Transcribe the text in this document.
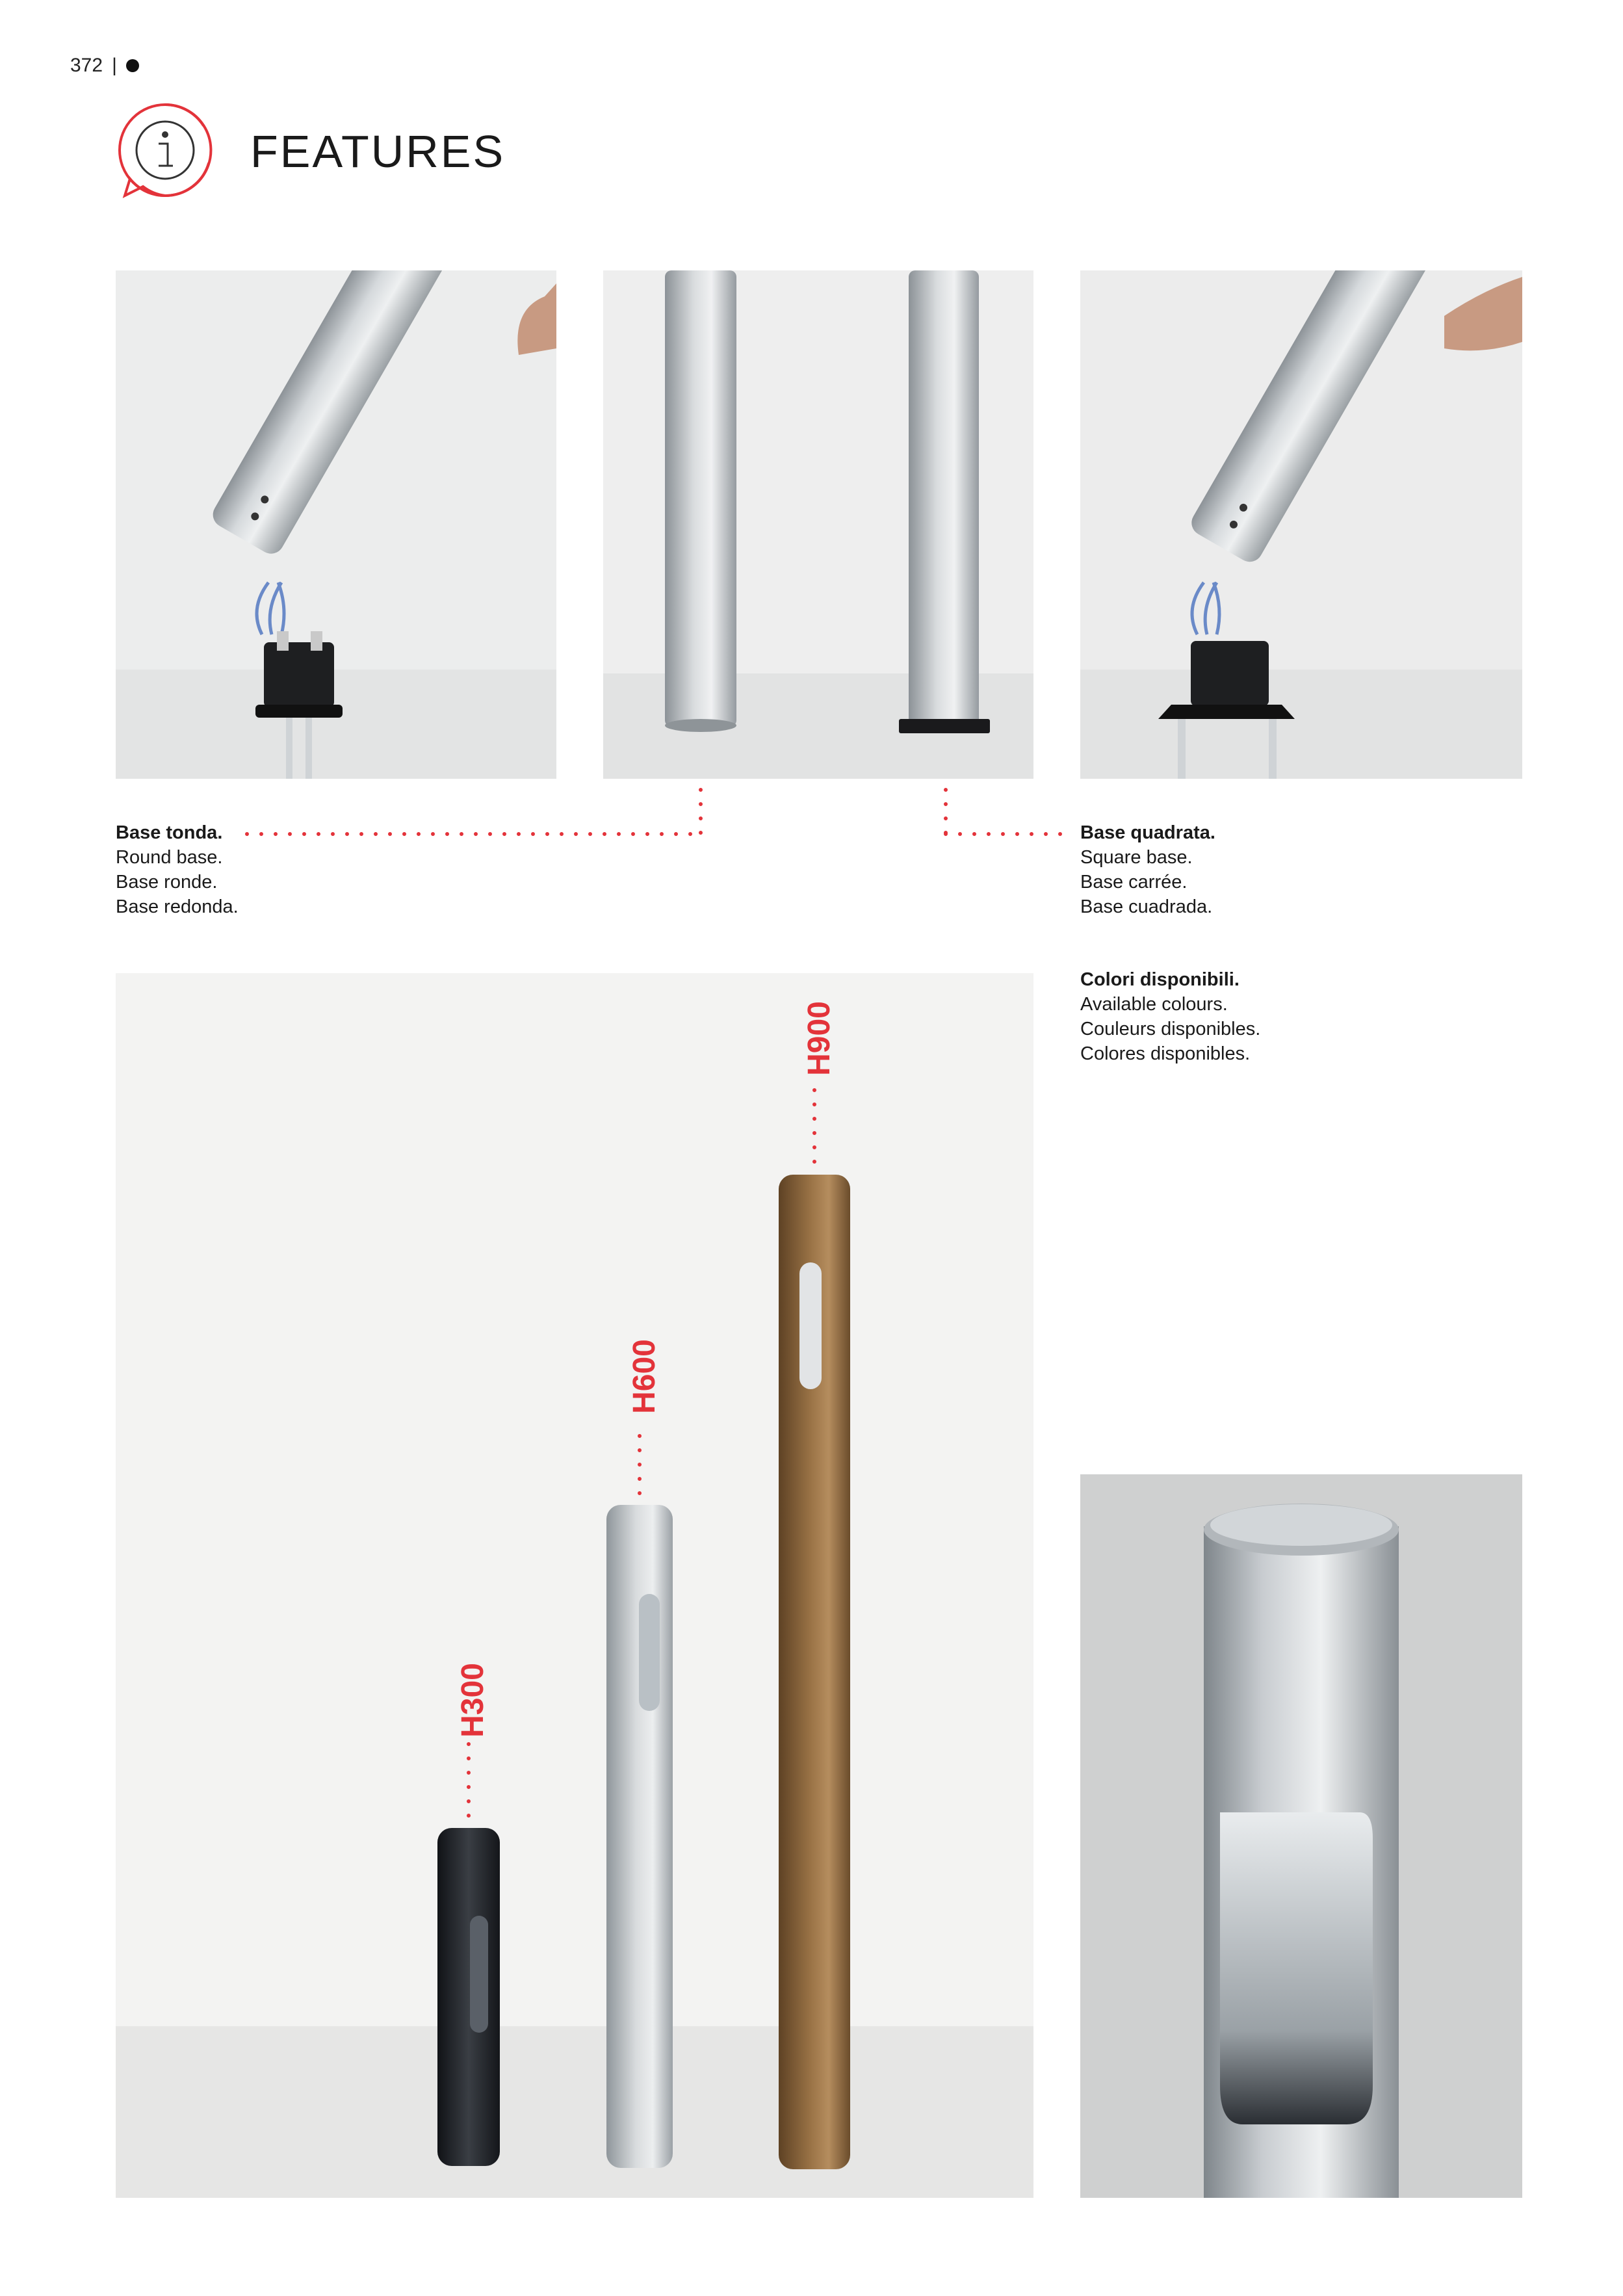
372 |
FEATURES
Base tonda.
Round base.
Base ronde.
Base redonda.
Base quadrata.
Square base.
Base carrée.
Base cuadrada.
Colori disponibili.
Available colours.
Couleurs disponibles.
Colores disponibles.
H300
H600
H900
